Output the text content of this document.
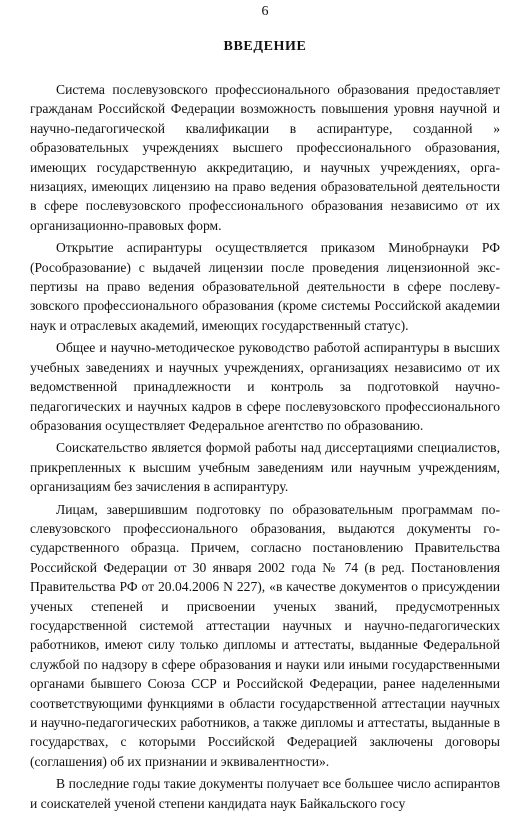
6
ВВЕДЕНИЕ

Система послевузовского профессионального образования предоставляет гражданам Российской Федерации возможность повышения уровня научной и научно-педагогической квалификации в аспирантуре, созданной » образовательных учреждениях высшего профессионального образования, имеющих государственную аккредитацию, и научных учреждениях, организациях, имеющих лицензию на право ведения образовательной деятельности в сфере послевузовского профессионального образования независимо от их организационно-правовых форм.

Открытие аспирантуры осуществляется приказом Минобрнауки РФ (Рособразование) с выдачей лицензии после проведения лицензионной экспертизы на право ведения образовательной деятельности в сфере послевузовского профессионального образования (кроме системы Российской академии наук и отраслевых академий, имеющих государственный статус).

Общее и научно-методическое руководство работой аспирантуры в высших учебных заведениях и научных учреждениях, организациях независимо от их ведомственной принадлежности и контроль за подготовкой научно-педагогических и научных кадров в сфере послевузовского профессионального образования осуществляет Федеральное агентство по образованию.

Соискательство является формой работы над диссертациями специалистов, прикрепленных к высшим учебным заведениям или научным учреждениям, организациям без зачисления в аспирантуру.

Лицам, завершившим подготовку по образовательным программам послевузовского профессионального образования, выдаются документы государственного образца. Причем, согласно постановлению Правительства Российской Федерации от 30 января 2002 года № 74 (в ред. Постановления Правительства РФ от 20.04.2006 N 227), «в качестве документов о присуждении ученых степеней и присвоении ученых званий, предусмотренных государственной системой аттестации научных и научно-педагогических работников, имеют силу только дипломы и аттестаты, выданные Федеральной службой по надзору в сфере образования и науки или иными государственными органами бывшего Союза ССР и Российской Федерации, ранее наделенными соответствующими функциями в области государственной аттестации научных и научно-педагогических работников, а также дипломы и аттестаты, выданные в государствах, с которыми Российской Федерацией заключены договоры (соглашения) об их признании и эквивалентности».

В последние годы такие документы получает все большее число аспирантов и соискателей ученой степени кандидата наук Байкальского госу
